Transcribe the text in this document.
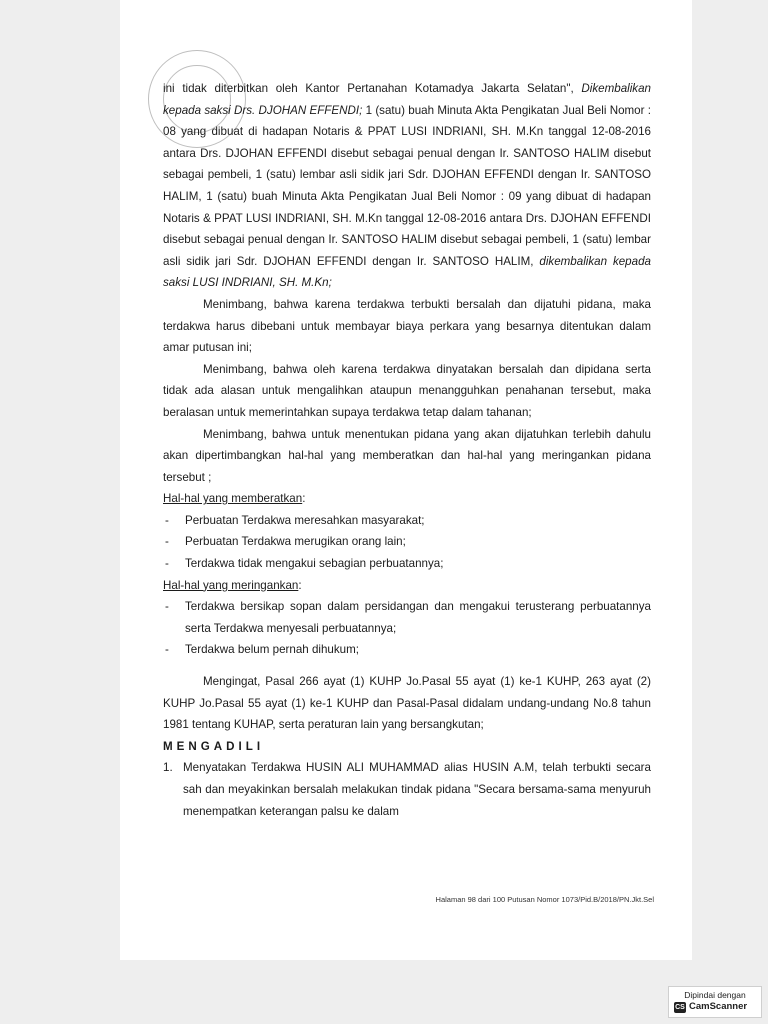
ini tidak diterbitkan oleh Kantor Pertanahan Kotamadya Jakarta Selatan", Dikembalikan kepada saksi Drs. DJOHAN EFFENDI; 1 (satu) buah Minuta Akta Pengikatan Jual Beli Nomor : 08 yang dibuat di hadapan Notaris & PPAT LUSI INDRIANI, SH. M.Kn tanggal 12-08-2016 antara Drs. DJOHAN EFFENDI disebut sebagai penual dengan Ir. SANTOSO HALIM disebut sebagai pembeli, 1 (satu) lembar asli sidik jari Sdr. DJOHAN EFFENDI dengan Ir. SANTOSO HALIM, 1 (satu) buah Minuta Akta Pengikatan Jual Beli Nomor : 09 yang dibuat di hadapan Notaris & PPAT LUSI INDRIANI, SH. M.Kn tanggal 12-08-2016 antara Drs. DJOHAN EFFENDI disebut sebagai penual dengan Ir. SANTOSO HALIM disebut sebagai pembeli, 1 (satu) lembar asli sidik jari Sdr. DJOHAN EFFENDI dengan Ir. SANTOSO HALIM, dikembalikan kepada saksi LUSI INDRIANI, SH. M.Kn;

Menimbang, bahwa karena terdakwa terbukti bersalah dan dijatuhi pidana, maka terdakwa harus dibebani untuk membayar biaya perkara yang besarnya ditentukan dalam amar putusan ini;

Menimbang, bahwa oleh karena terdakwa dinyatakan bersalah dan dipidana serta tidak ada alasan untuk mengalihkan ataupun menangguhkan penahanan tersebut, maka beralasan untuk memerintahkan supaya terdakwa tetap dalam tahanan;

Menimbang, bahwa untuk menentukan pidana yang akan dijatuhkan terlebih dahulu akan dipertimbangkan hal-hal yang memberatkan dan hal-hal yang meringankan pidana tersebut ;

Hal-hal yang memberatkan:

- Perbuatan Terdakwa meresahkan masyarakat;
- Perbuatan Terdakwa merugikan orang lain;
- Terdakwa tidak mengakui sebagian perbuatannya;

Hal-hal yang meringankan:

- Terdakwa bersikap sopan dalam persidangan dan mengakui terusterang perbuatannya serta Terdakwa menyesali perbuatannya;
- Terdakwa belum pernah dihukum;

Mengingat, Pasal 266 ayat (1) KUHP Jo.Pasal 55 ayat (1) ke-1 KUHP, 263 ayat (2) KUHP Jo.Pasal 55 ayat (1) ke-1 KUHP dan Pasal-Pasal didalam undang-undang No.8 tahun 1981 tentang KUHAP, serta peraturan lain yang bersangkutan;

MENGADILI

1. Menyatakan Terdakwa HUSIN ALI MUHAMMAD alias HUSIN A.M, telah terbukti secara sah dan meyakinkan bersalah melakukan tindak pidana "Secara bersama-sama menyuruh menempatkan keterangan palsu ke dalam
Halaman 98 dari 100 Putusan Nomor 1073/Pid.B/2018/PN.Jkt.Sel
Dipindai dengan
CS CamScanner
